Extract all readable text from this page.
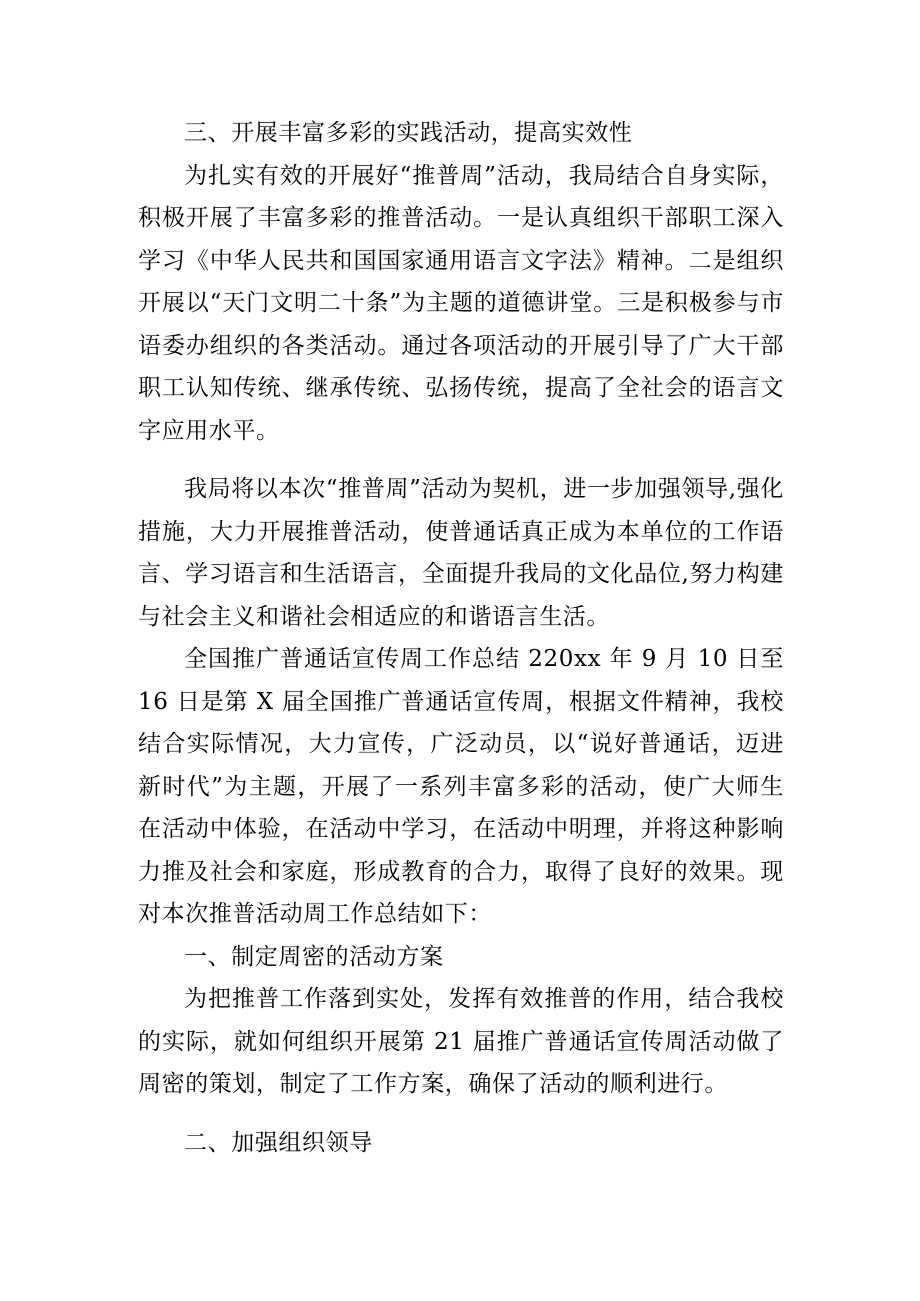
三、开展丰富多彩的实践活动，提高实效性

为扎实有效的开展好“推普周”活动，我局结合自身实际，积极开展了丰富多彩的推普活动。一是认真组织干部职工深入学习《中华人民共和国国家通用语言文字法》精神。二是组织开展以“天门文明二十条”为主题的道德讲堂。三是积极参与市语委办组织的各类活动。通过各项活动的开展引导了广大干部职工认知传统、继承传统、弘扬传统，提高了全社会的语言文字应用水平。

我局将以本次“推普周”活动为契机，进一步加强领导,强化措施，大力开展推普活动，使普通话真正成为本单位的工作语言、学习语言和生活语言，全面提升我局的文化品位,努力构建与社会主义和谐社会相适应的和谐语言生活。

全国推广普通话宣传周工作总结 220xx 年 9 月 10 日至 16 日是第 X 届全国推广普通话宣传周，根据文件精神，我校结合实际情况，大力宣传，广泛动员，以“说好普通话，迈进新时代”为主题，开展了一系列丰富多彩的活动，使广大师生在活动中体验，在活动中学习，在活动中明理，并将这种影响力推及社会和家庭，形成教育的合力，取得了良好的效果。现对本次推普活动周工作总结如下：

一、制定周密的活动方案

为把推普工作落到实处，发挥有效推普的作用，结合我校的实际，就如何组织开展第 21 届推广普通话宣传周活动做了周密的策划，制定了工作方案，确保了活动的顺利进行。

二、加强组织领导
